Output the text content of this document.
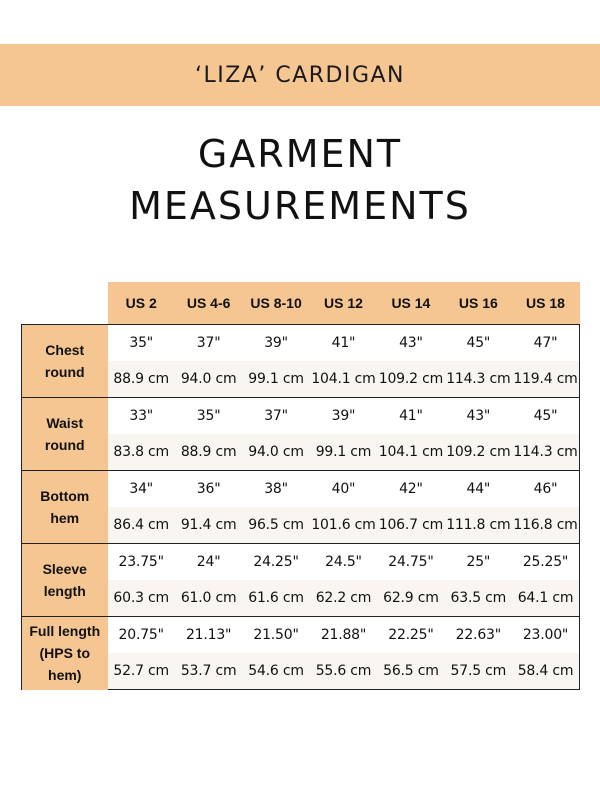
‘LIZA’ CARDIGAN
GARMENT
MEASUREMENTS
	US 2	US 4-6	US 8-10	US 12	US 14	US 16	US 18

Chest
round	35"	37"	39"	41"	43"	45"	47"
	88.9 cm	94.0 cm	99.1 cm	104.1 cm	109.2 cm	114.3 cm	119.4 cm

Waist
round	33"	35"	37"	39"	41"	43"	45"
	83.8 cm	88.9 cm	94.0 cm	99.1 cm	104.1 cm	109.2 cm	114.3 cm

Bottom
hem	34"	36"	38"	40"	42"	44"	46"
	86.4 cm	91.4 cm	96.5 cm	101.6 cm	106.7 cm	111.8 cm	116.8 cm

Sleeve
length	23.75"	24"	24.25"	24.5"	24.75"	25"	25.25"
	60.3 cm	61.0 cm	61.6 cm	62.2 cm	62.9 cm	63.5 cm	64.1 cm

Full length
(HPS to
hem)	20.75"	21.13"	21.50"	21.88"	22.25"	22.63"	23.00"
	52.7 cm	53.7 cm	54.6 cm	55.6 cm	56.5 cm	57.5 cm	58.4 cm
